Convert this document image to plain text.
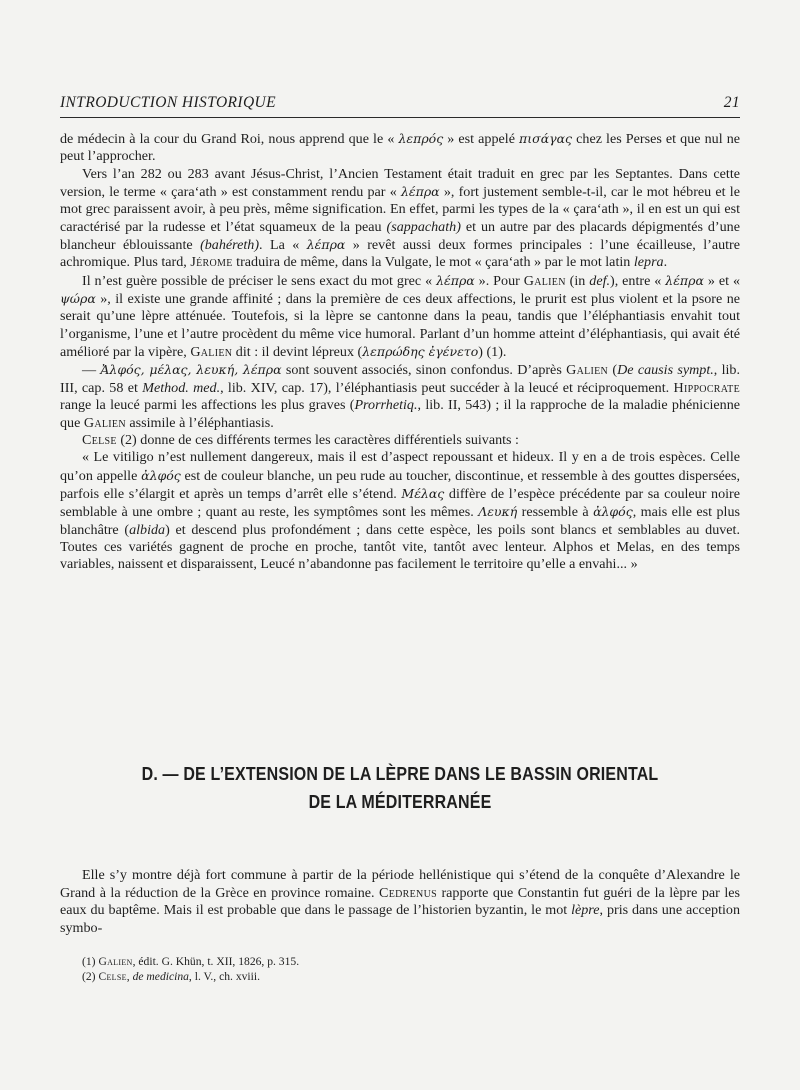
INTRODUCTION HISTORIQUE	21

de médecin à la cour du Grand Roi, nous apprend que le « λεπρός » est appelé πισάγας chez les Perses et que nul ne peut l’approcher.

Vers l’an 282 ou 283 avant Jésus-Christ, l’Ancien Testament était traduit en grec par les Septantes. Dans cette version, le terme « çara‘ath » est constamment rendu par « λέπρα », fort justement semble-t-il, car le mot hébreu et le mot grec paraissent avoir, à peu près, même signification. En effet, parmi les types de la « çara‘ath », il en est un qui est caractérisé par la rudesse et l’état squameux de la peau (sappachath) et un autre par des placards dépigmentés d’une blancheur éblouissante (bahéreth). La « λέπρα » revêt aussi deux formes principales : l’une écailleuse, l’autre achromique. Plus tard, Jérome traduira de même, dans la Vulgate, le mot « çara‘ath » par le mot latin lepra.

Il n’est guère possible de préciser le sens exact du mot grec « λέπρα ». Pour Galien (in def.), entre « λέπρα » et « ψώρα », il existe une grande affinité ; dans la première de ces deux affections, le prurit est plus violent et la psore ne serait qu’une lèpre atténuée. Toutefois, si la lèpre se cantonne dans la peau, tandis que l’éléphantiasis envahit tout l’organisme, l’une et l’autre procèdent du même vice humoral. Parlant d’un homme atteint d’éléphantiasis, qui avait été amélioré par la vipère, Galien dit : il devint lépreux (λεπρώδης ἐγένετο) (1).

— Ἀλφός, μέλας, λευκή, λέπρα sont souvent associés, sinon confondus. D’après Galien (De causis sympt., lib. III, cap. 58 et Method. med., lib. XIV, cap. 17), l’éléphantiasis peut succéder à la leucé et réciproquement. Hippocrate range la leucé parmi les affections les plus graves (Prorrhetiq., lib. II, 543) ; il la rapproche de la maladie phénicienne que Galien assimile à l’éléphantiasis.

Celse (2) donne de ces différents termes les caractères différentiels suivants :

« Le vitiligo n’est nullement dangereux, mais il est d’aspect repoussant et hideux. Il y en a de trois espèces. Celle qu’on appelle ἀλφός est de couleur blanche, un peu rude au toucher, discontinue, et ressemble à des gouttes dispersées, parfois elle s’élargit et après un temps d’arrêt elle s’étend. Μέλας diffère de l’espèce précédente par sa couleur noire semblable à une ombre ; quant au reste, les symptômes sont les mêmes. Λευκή ressemble à ἀλφός, mais elle est plus blanchâtre (albida) et descend plus profondément ; dans cette espèce, les poils sont blancs et semblables au duvet. Toutes ces variétés gagnent de proche en proche, tantôt vite, tantôt avec lenteur. Alphos et Melas, en des temps variables, naissent et disparaissent, Leucé n’abandonne pas facilement le territoire qu’elle a envahi... »

D. — DE L’EXTENSION DE LA LÈPRE DANS LE BASSIN ORIENTAL
DE LA MÉDITERRANÉE

Elle s’y montre déjà fort commune à partir de la période hellénistique qui s’étend de la conquête d’Alexandre le Grand à la réduction de la Grèce en province romaine. Cedrenus rapporte que Constantin fut guéri de la lèpre par les eaux du baptême. Mais il est probable que dans le passage de l’historien byzantin, le mot lèpre, pris dans une acception symbo-

(1) Galien, édit. G. Khün, t. XII, 1826, p. 315.
(2) Celse, de medicina, l. V., ch. xviii.
